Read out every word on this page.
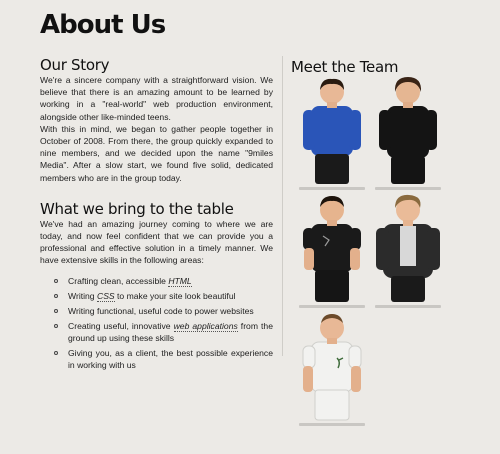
About Us
Our Story

We're a sincere company with a straightforward vision. We believe that there is an amazing amount to be learned by working in a "real-world" web production environment, alongside other like-minded teens.

With this in mind, we began to gather people together in October of 2008. From there, the group quickly expanded to nine members, and we decided upon the name "9miles Media". After a slow start, we found five solid, dedicated members who are in the group today.

What we bring to the table

We've had an amazing journey coming to where we are today, and now feel confident that we can provide you a professional and effective solution in a timely manner. We have extensive skills in the following areas:

Crafting clean, accessible HTML
Writing CSS to make your site look beautiful
Writing functional, useful code to power websites
Creating useful, innovative web applications from the ground up using these skills
Giving you, as a client, the best possible experience in working with us
Meet the Team
